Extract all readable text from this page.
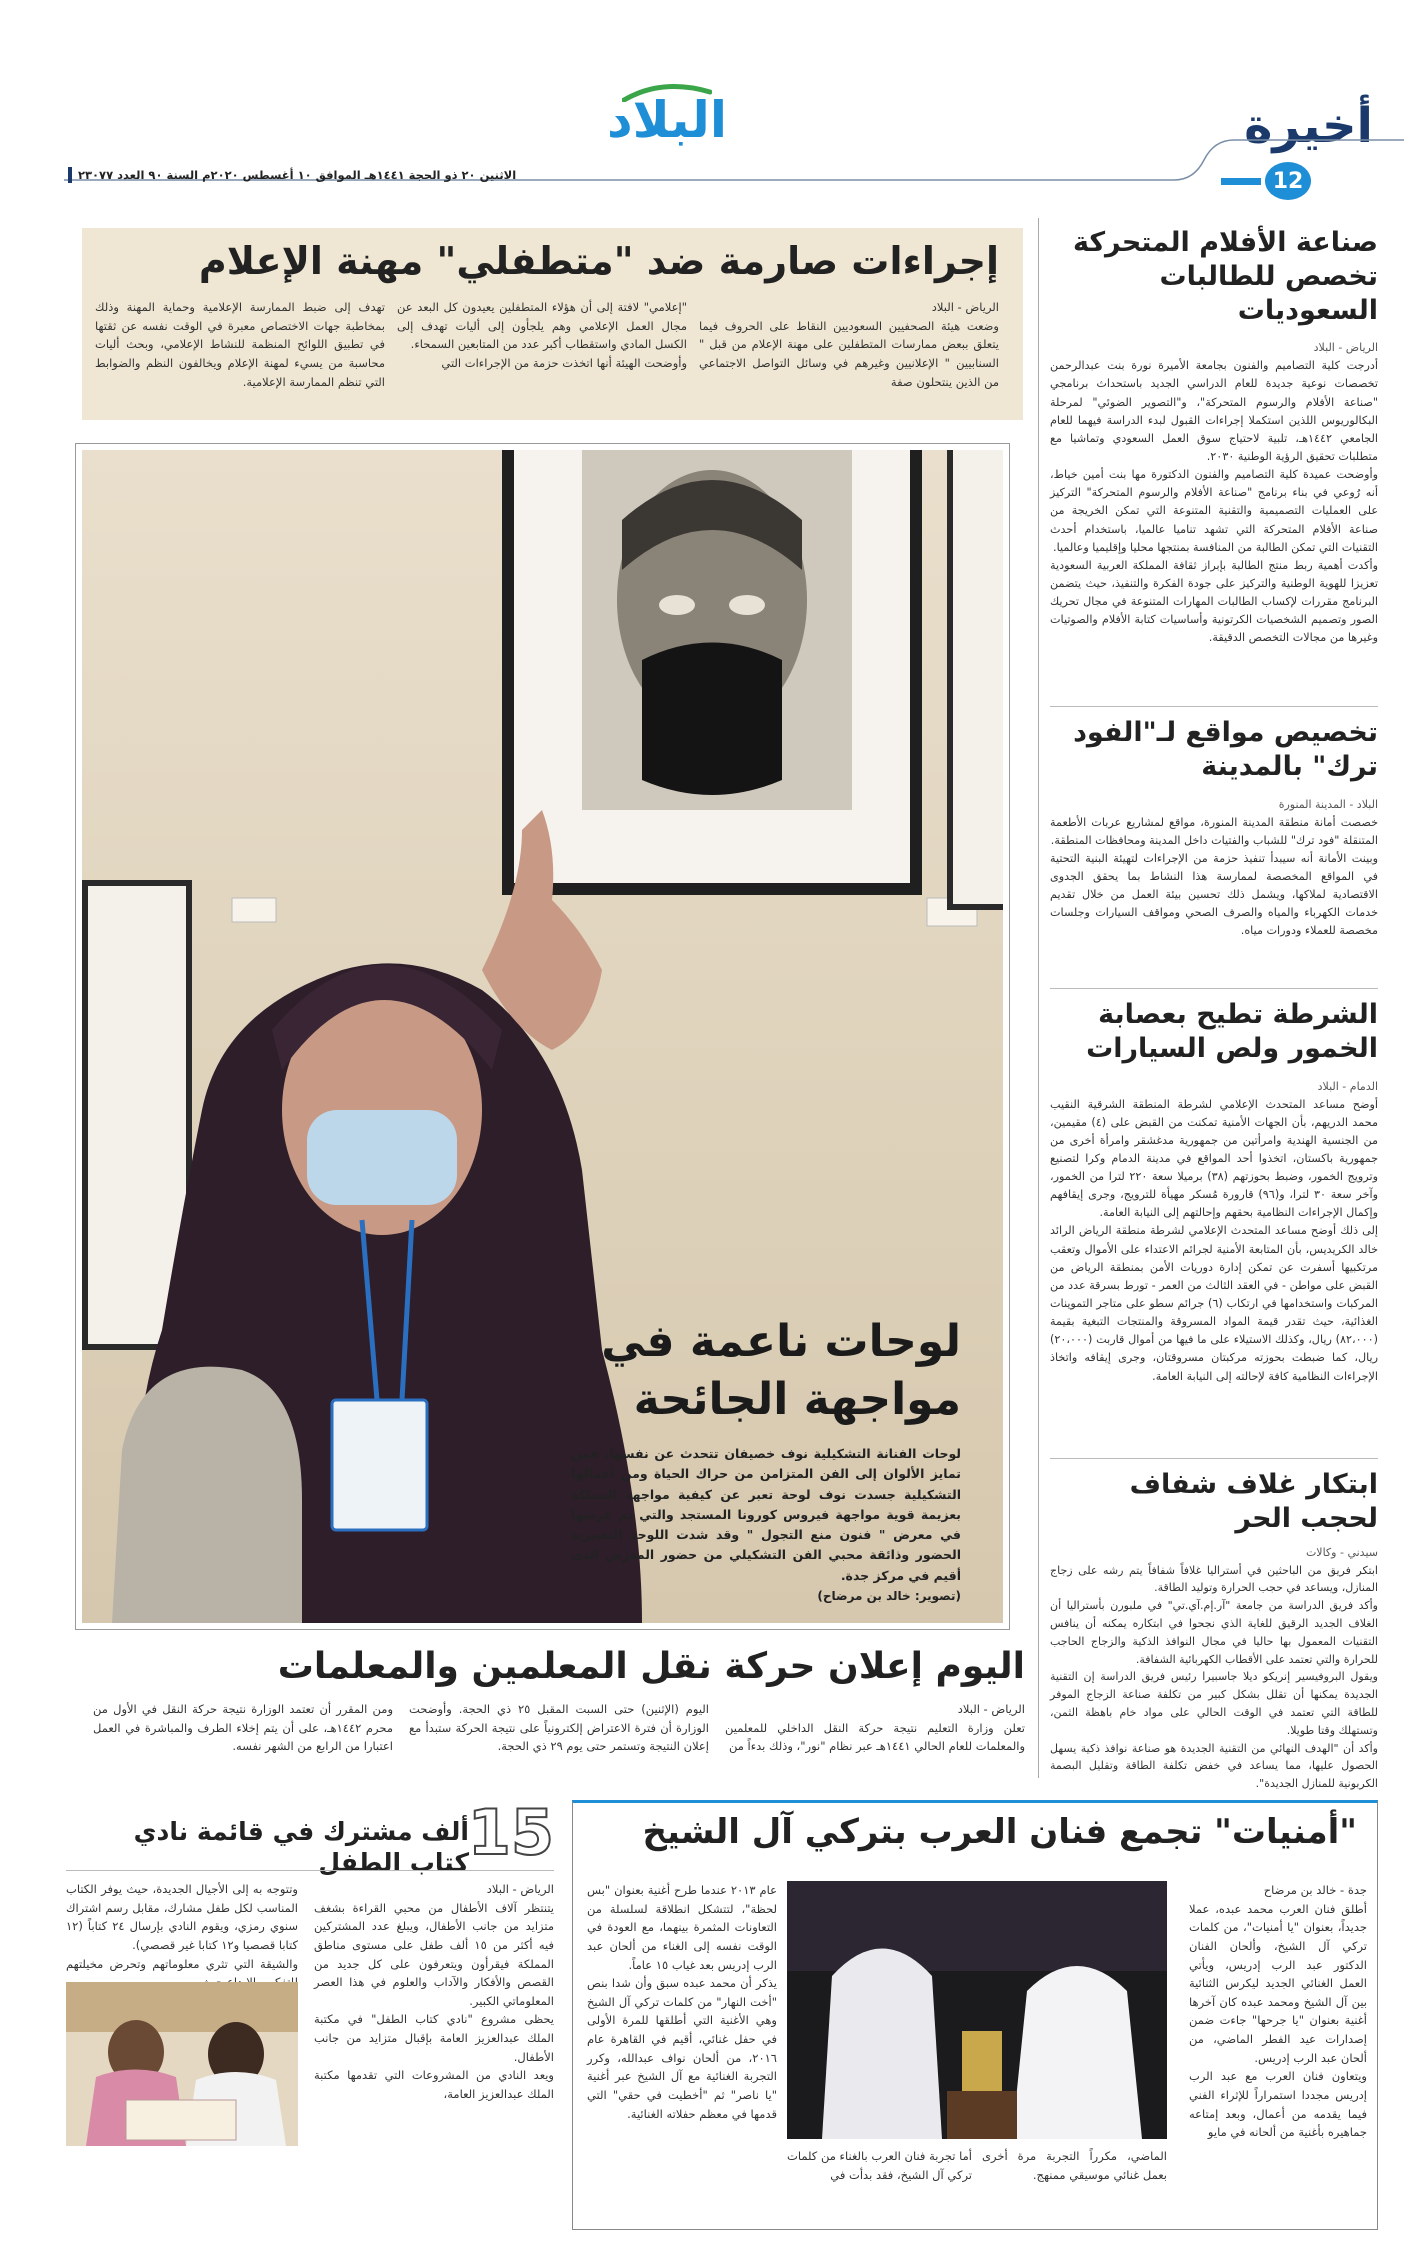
أخيرة
12
البلاد
الاثنين ٢٠ ذو الحجة ١٤٤١هـ الموافق ١٠ أغسطس ٢٠٢٠م السنة ٩٠ العدد ٢٣٠٧٧
إجراءات صارمة ضد "متطفلي" مهنة الإعلام
الرياض - البلاد
وضعت هيئة الصحفيين السعوديين النقاط على الحروف فيما يتعلق ببعض ممارسات المتطفلين على مهنة الإعلام من قبل " السنابيين " الإعلانيين وغيرهم في وسائل التواصل الاجتماعي من الذين ينتحلون صفة
"إعلامي" لافتة إلى أن هؤلاء المتطفلين يعيدون كل البعد عن مجال العمل الإعلامي وهم يلجأون إلى أليات تهدف إلى الكسل المادي واستقطاب أكبر عدد من المتابعين السمحاء.
وأوضحت الهيئة أنها اتخذت حزمة من الإجراءات التي
تهدف إلى ضبط الممارسة الإعلامية وحماية المهنة وذلك بمخاطبة جهات الاختصاص معبرة في الوقت نفسه عن ثقتها في تطبيق اللوائح المنظمة للنشاط الإعلامي، وبحث أليات محاسبة من يسيء لمهنة الإعلام ويخالفون النظم والضوابط التي تنظم الممارسة الإعلامية.
لوحات ناعمة في
مواجهة الجائحة
لوحات الفنانة التشكيلية نوف خصيفان تتحدث عن نفسها، فمن تمايز الألوان إلى الفن المتزامن من حراك الحياة ومن أعمالها التشكيلية جسدت نوف لوحة تعبر عن كيفية مواجهة المملكة بعزيمة قوية مواجهة فيروس كورونا المستجد والتي تم عرضها في معرض " فنون منع التجول " وقد شدت اللوحة التعبيرية الحضور وذائقة محبي الفن التشكيلي من حضور المعرض الذي أقيم في مركز جدة.
(تصوير: خالد بن مرضاح)
صناعة الأفلام المتحركة تخصص للطالبات السعوديات
الرياض - البلاد
أدرجت كلية التصاميم والفنون بجامعة الأميرة نورة بنت عبدالرحمن تخصصات نوعية جديدة للعام الدراسي الجديد باستحداث برنامجي "صناعة الأفلام والرسوم المتحركة"، و"التصوير الضوئي" لمرحلة البكالوريوس اللذين استكملا إجراءات القبول لبدء الدراسة فيهما للعام الجامعي ١٤٤٢هـ، تلبية لاحتياج سوق العمل السعودي وتماشيا مع متطلبات تحقيق الرؤية الوطنية ٢٠٣٠.
وأوضحت عميدة كلية التصاميم والفنون الدكتورة مها بنت أمين خياط، أنه رُوعي في بناء برنامج "صناعة الأفلام والرسوم المتحركة" التركيز على العمليات التصميمية والتقنية المتنوعة التي تمكن الخريجة من صناعة الأفلام المتحركة التي تشهد تناميا عالميا، باستخدام أحدث التقنيات التي تمكن الطالبة من المنافسة بمنتجها محليا وإقليميا وعالميا.
وأكدت أهمية ربط منتج الطالبة بإبراز ثقافة المملكة العربية السعودية تعزيزا للهوية الوطنية والتركيز على جودة الفكرة والتنفيذ، حيث يتضمن البرنامج مقررات لإكساب الطالبات المهارات المتنوعة في مجال تحريك الصور وتصميم الشخصيات الكرتونية وأساسيات كتابة الأفلام والصوتيات وغيرها من مجالات التخصص الدقيقة.
تخصيص مواقع لـ"الفود ترك" بالمدينة
البلاد - المدينة المنورة
خصصت أمانة منطقة المدينة المنورة، مواقع لمشاريع عربات الأطعمة المتنقلة "فود ترك" للشباب والفتيات داخل المدينة ومحافظات المنطقة.
وبينت الأمانة أنه سيبدأ تنفيذ حزمة من الإجراءات لتهيئة البنية التحتية في المواقع المخصصة لممارسة هذا النشاط بما يحقق الجدوى الاقتصادية لملاكها، ويشمل ذلك تحسين بيئة العمل من خلال تقديم خدمات الكهرباء والمياه والصرف الصحي ومواقف السيارات وجلسات مخصصة للعملاء ودورات مياه.
الشرطة تطيح بعصابة الخمور ولص السيارات
الدمام - البلاد
أوضح مساعد المتحدث الإعلامي لشرطة المنطقة الشرقية النقيب محمد الدريهم، بأن الجهات الأمنية تمكنت من القبض على (٤) مقيمين، من الجنسية الهندية وامرأتين من جمهورية مدغشقر وامرأة أخرى من جمهورية باكستان، اتخذوا أحد المواقع في مدينة الدمام وكرا لتصنيع وترويج الخمور، وضبط بحوزتهم (٣٨) برميلا سعة ٢٢٠ لترا من الخمور، وآخر سعة ٣٠ لترا، و(٩٦) قارورة مُسكر مهيأة للترويج، وجرى إيقافهم وإكمال الإجراءات النظامية بحقهم وإحالتهم إلى النيابة العامة.
إلى ذلك أوضح مساعد المتحدث الإعلامي لشرطة منطقة الرياض الرائد خالد الكريديس، بأن المتابعة الأمنية لجرائم الاعتداء على الأموال وتعقب مرتكبيها أسفرت عن تمكن إدارة دوريات الأمن بمنطقة الرياض من القبض على مواطن - في العقد الثالث من العمر - تورط بسرقة عدد من المركبات واستخدامها في ارتكاب (٦) جرائم سطو على متاجر التموينات الغذائية، حيث تقدر قيمة المواد المسروقة والمنتجات التبغية بقيمة (٨٢،٠٠٠) ريال، وكذلك الاستيلاء على ما فيها من أموال قاربت (٢٠،٠٠٠) ريال، كما ضبطت بحوزته مركبتان مسروقتان، وجرى إيقافه واتخاذ الإجراءات النظامية كافة لإحالته إلى النيابة العامة.
ابتكار غلاف شفاف لحجب الحر
سيدني - وكالات
ابتكر فريق من الباحثين في أستراليا غلافاً شفافاً يتم رشه على زجاج المنازل، ويساعد في حجب الحرارة وتوليد الطاقة.
وأكد فريق الدراسة من جامعة "آر.إم.آي.تي" في ملبورن بأستراليا أن الغلاف الجديد الرقيق للغاية الذي نجحوا في ابتكاره يمكنه أن ينافس التقنيات المعمول بها حاليا في مجال النوافذ الذكية والزجاج الحاجب للحرارة والتي تعتمد على الأقطاب الكهربائية الشفافة.
ويقول البروفيسير إنريكو ديلا جاسبيرا رئيس فريق الدراسة إن التقنية الجديدة يمكنها أن تقلل بشكل كبير من تكلفة صناعة الزجاج الموفر للطاقة التي تعتمد في الوقت الحالي على مواد خام باهظة الثمن، وتستهلك وقتا طويلا.
وأكد أن "الهدف النهائي من التقنية الجديدة هو صناعة نوافذ ذكية يسهل الحصول عليها، مما يساعد في خفض تكلفة الطاقة وتقليل البصمة الكربونية للمنازل الجديدة".
اليوم إعلان حركة نقل المعلمين والمعلمات
الرياض - البلاد
تعلن وزارة التعليم نتيجة حركة النقل الداخلي للمعلمين والمعلمات للعام الحالي ١٤٤١هـ عبر نظام "نور"، وذلك بدءاً من
اليوم (الإثنين) حتى السبت المقبل ٢٥ ذي الحجة. وأوضحت الوزارة أن فترة الاعتراض إلكترونياً على نتيجة الحركة ستبدأ مع إعلان النتيجة وتستمر حتى يوم ٢٩ ذي الحجة.
ومن المقرر أن تعتمد الوزارة نتيجة حركة النقل في الأول من محرم ١٤٤٢هـ، على أن يتم إخلاء الطرف والمباشرة في العمل اعتبارا من الرابع من الشهر نفسه.
"أمنيات" تجمع فنان العرب بتركي آل الشيخ
جدة - خالد بن مرضاح
أطلق فنان العرب محمد عبده، عملا جديداً، بعنوان "يا أمنيات"، من كلمات تركي آل الشيخ، وألحان الفنان الدكتور عبد الرب إدريس، ويأتي العمل الغنائي الجديد ليكرس الثنائية بين آل الشيخ ومحمد عبده كان آخرها أغنية بعنوان "يا جرحها" جاءت ضمن إصدارات عيد الفطر الماضي، من ألحان عبد الرب إدريس.
ويتعاون فنان العرب مع عبد الرب إدريس مجددا استمراراً للإثراء الفني فيما يقدمه من أعمال، وبعد إمتاعه جماهيره بأغنية من ألحانه في مايو
الماضي، مكرراً التجربة مرة أخرى بعمل غنائي موسيقي ممنهج.
أما تجربة فنان العرب بالغناء من كلمات تركي آل الشيخ، فقد بدأت في
عام ٢٠١٣ عندما طرح أغنية بعنوان "بس لحظة"، لتتشكل انطلاقة لسلسلة من التعاونات المثمرة بينهما، مع العودة في الوقت نفسه إلى الغناء من ألحان عبد الرب إدريس بعد غياب ١٥ عاماً.
يذكر أن محمد عبده سبق وأن شدا بنص "أخت النهار" من كلمات تركي آل الشيخ وهي الأغنية التي أطلقها للمرة الأولى في حفل غنائي، أقيم في القاهرة عام ٢٠١٦، من ألحان نواف عبدالله، وكرر التجربة الغنائية مع آل الشيخ عبر أغنية "يا ناصر" ثم "أخطيت في حقي" التي قدمها في معظم حفلاته الغنائية.
15
ألف مشترك في قائمة نادي كتاب الطفل
الرياض - البلاد
يتنتظر آلاف الأطفال من محبي القراءة بشغف متزايد من جانب الأطفال، ويبلغ عدد المشتركين فيه أكثر من ١٥ ألف طفل على مستوى مناطق المملكة فيقرأون ويتعرفون على كل جديد من القصص والأفكار والآداب والعلوم في هذا العصر المعلوماتي الكبير.
يحظى مشروع "نادي كتاب الطفل" في مكتبة الملك عبدالعزيز العامة بإقبال متزايد من جانب الأطفال.
ويعد النادي من المشروعات التي تقدمها مكتبة الملك عبدالعزيز العامة،
وتتوجه به إلى الأجيال الجديدة، حيث يوفر الكتاب المناسب لكل طفل مشارك، مقابل رسم اشتراك سنوي رمزي، ويقوم النادي بإرسال ٢٤ كتاباً (١٢ كتابا قصصيا و١٢ كتابا غير قصصي).
والشيقة التي تثري معلوماتهم وتحرض مخيلتهم
